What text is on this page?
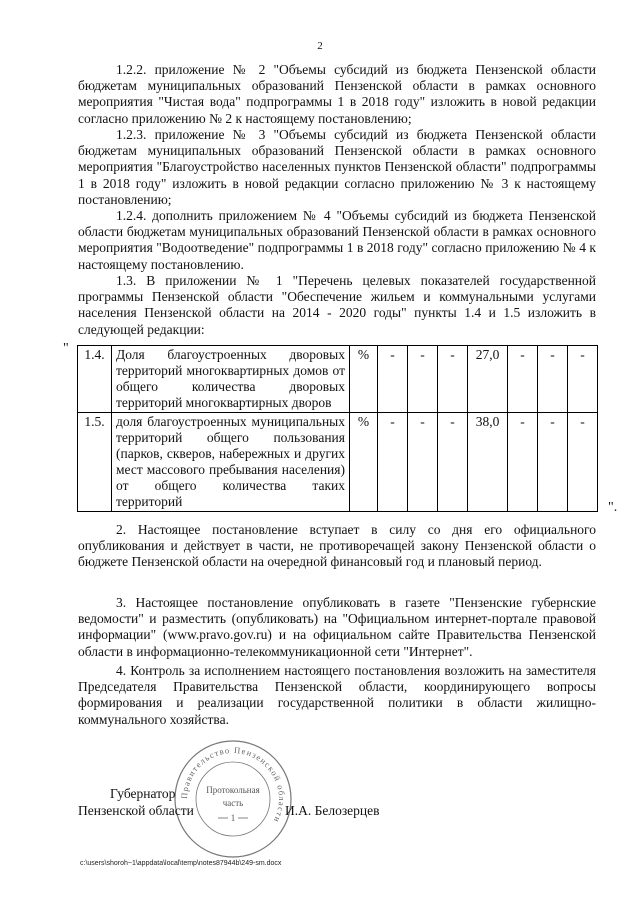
2

1.2.2. приложение № 2 "Объемы субсидий из бюджета Пензенской области бюджетам муниципальных образований Пензенской области в рамках основного мероприятия "Чистая вода" подпрограммы 1 в 2018 году" изложить в новой редакции согласно приложению № 2 к настоящему постановлению;

1.2.3. приложение № 3 "Объемы субсидий из бюджета Пензенской области бюджетам муниципальных образований Пензенской области в рамках основного мероприятия "Благоустройство населенных пунктов Пензенской области" подпрограммы 1 в 2018 году" изложить в новой редакции согласно приложению № 3 к настоящему постановлению;

1.2.4. дополнить приложением № 4 "Объемы субсидий из бюджета Пензенской области бюджетам муниципальных образований Пензенской области в рамках основного мероприятия "Водоотведение" подпрограммы 1 в 2018 году" согласно приложению № 4 к настоящему постановлению.

1.3. В приложении № 1 "Перечень целевых показателей государственной программы Пензенской области "Обеспечение жильем и коммунальными услугами населения Пензенской области на 2014 - 2020 годы" пункты 1.4 и 1.5 изложить в следующей редакции:

" 1.4.	Доля благоустроенных дворовых территорий многоквартирных домов от общего количества дворовых территорий многоквартирных дворов	%	-	-	-	27,0	-	-	-
1.5.	доля благоустроенных муниципальных территорий общего пользования (парков, скверов, набережных и других мест массового пребывания населения) от общего количества таких территорий	%	-	-	-	38,0	-	-	-
".

2. Настоящее постановление вступает в силу со дня его официального опубликования и действует в части, не противоречащей закону Пензенской области о бюджете Пензенской области на очередной финансовый год и плановый период.

3. Настоящее постановление опубликовать в газете "Пензенские губернские ведомости" и разместить (опубликовать) на "Официальном интернет-портале правовой информации" (www.pravo.gov.ru) и на официальном сайте Правительства Пензенской области в информационно-телекоммуникационной сети "Интернет".

4. Контроль за исполнением настоящего постановления возложить на заместителя Председателя Правительства Пензенской области, координирующего вопросы формирования и реализации государственной политики в области жилищно-коммунального хозяйства.

Правительство Пензенской области
Протокольная
часть
1
Губернатор
Пензенской области	И.А. Белозерцев
c:\users\shoroh~1\appdata\local\temp\notes87944b\249-sm.docx
